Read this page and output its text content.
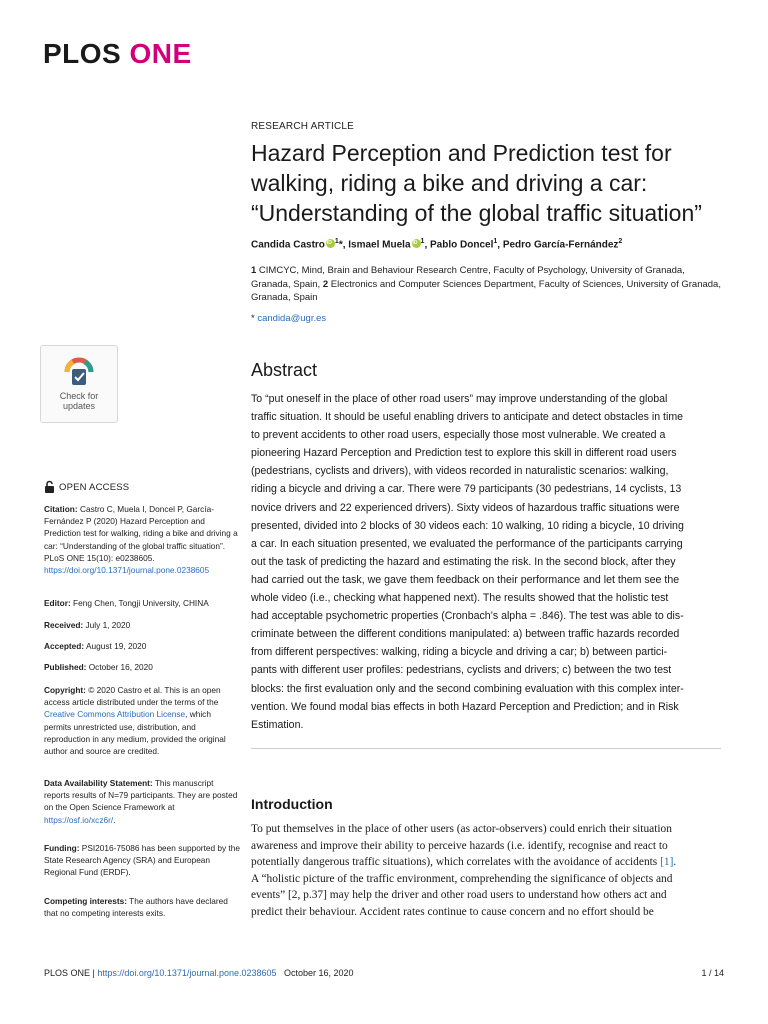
PLOS ONE
RESEARCH ARTICLE
Hazard Perception and Prediction test for
walking, riding a bike and driving a car:
“Understanding of the global traffic situation”
Candida Castro iD $^1$*, Ismael Muela iD $^1$, Pablo Doncel$^1$, Pedro García-Fernández$^2$
1 CIMCYC, Mind, Brain and Behaviour Research Centre, Faculty of Psychology, University of Granada, Granada, Spain, 2 Electronics and Computer Sciences Department, Faculty of Sciences, University of Granada, Granada, Spain
* candida@ugr.es
Abstract
To “put oneself in the place of other road users” may improve understanding of the global
traffic situation. It should be useful enabling drivers to anticipate and detect obstacles in time
to prevent accidents to other road users, especially those most vulnerable. We created a
pioneering Hazard Perception and Prediction test to explore this skill in different road users
(pedestrians, cyclists and drivers), with videos recorded in naturalistic scenarios: walking,
riding a bicycle and driving a car. There were 79 participants (30 pedestrians, 14 cyclists, 13
novice drivers and 22 experienced drivers). Sixty videos of hazardous traffic situations were
presented, divided into 2 blocks of 30 videos each: 10 walking, 10 riding a bicycle, 10 driving
a car. In each situation presented, we evaluated the performance of the participants carrying
out the task of predicting the hazard and estimating the risk. In the second block, after they
had carried out the task, we gave them feedback on their performance and let them see the
whole video (i.e., checking what happened next). The results showed that the holistic test
had acceptable psychometric properties (Cronbach’s alpha = .846). The test was able to dis-
criminate between the different conditions manipulated: a) between traffic hazards recorded
from different perspectives: walking, riding a bicycle and driving a car; b) between partici-
pants with different user profiles: pedestrians, cyclists and drivers; c) between the two test
blocks: the first evaluation only and the second combining evaluation with this complex inter-
vention. We found modal bias effects in both Hazard Perception and Prediction; and in Risk
Estimation.
Introduction
To put themselves in the place of other users (as actor-observers) could enrich their situation
awareness and improve their ability to perceive hazards (i.e. identify, recognise and react to
potentially dangerous traffic situations), which correlates with the avoidance of accidents [1].
A “holistic picture of the traffic environment, comprehending the significance of objects and
events” [2, p.37] may help the driver and other road users to understand how others act and
predict their behaviour. Accident rates continue to cause concern and no effort should be
Check for
updates
OPEN ACCESS
Citation: Castro C, Muela I, Doncel P, García-Fernández P (2020) Hazard Perception and Prediction test for walking, riding a bike and driving a car: “Understanding of the global traffic situation”. PLoS ONE 15(10): e0238605. https://doi.org/10.1371/journal.pone.0238605
Editor: Feng Chen, Tongji University, CHINA
Received: July 1, 2020
Accepted: August 19, 2020
Published: October 16, 2020
Copyright: © 2020 Castro et al. This is an open access article distributed under the terms of the Creative Commons Attribution License, which permits unrestricted use, distribution, and reproduction in any medium, provided the original author and source are credited.
Data Availability Statement: This manuscript reports results of N=79 participants. They are posted on the Open Science Framework at https://osf.io/xcz6r/.
Funding: PSI2016-75086 has been supported by the State Research Agency (SRA) and European Regional Fund (ERDF).
Competing interests: The authors have declared that no competing interests exits.
PLOS ONE | https://doi.org/10.1371/journal.pone.0238605   October 16, 2020	1 / 14
